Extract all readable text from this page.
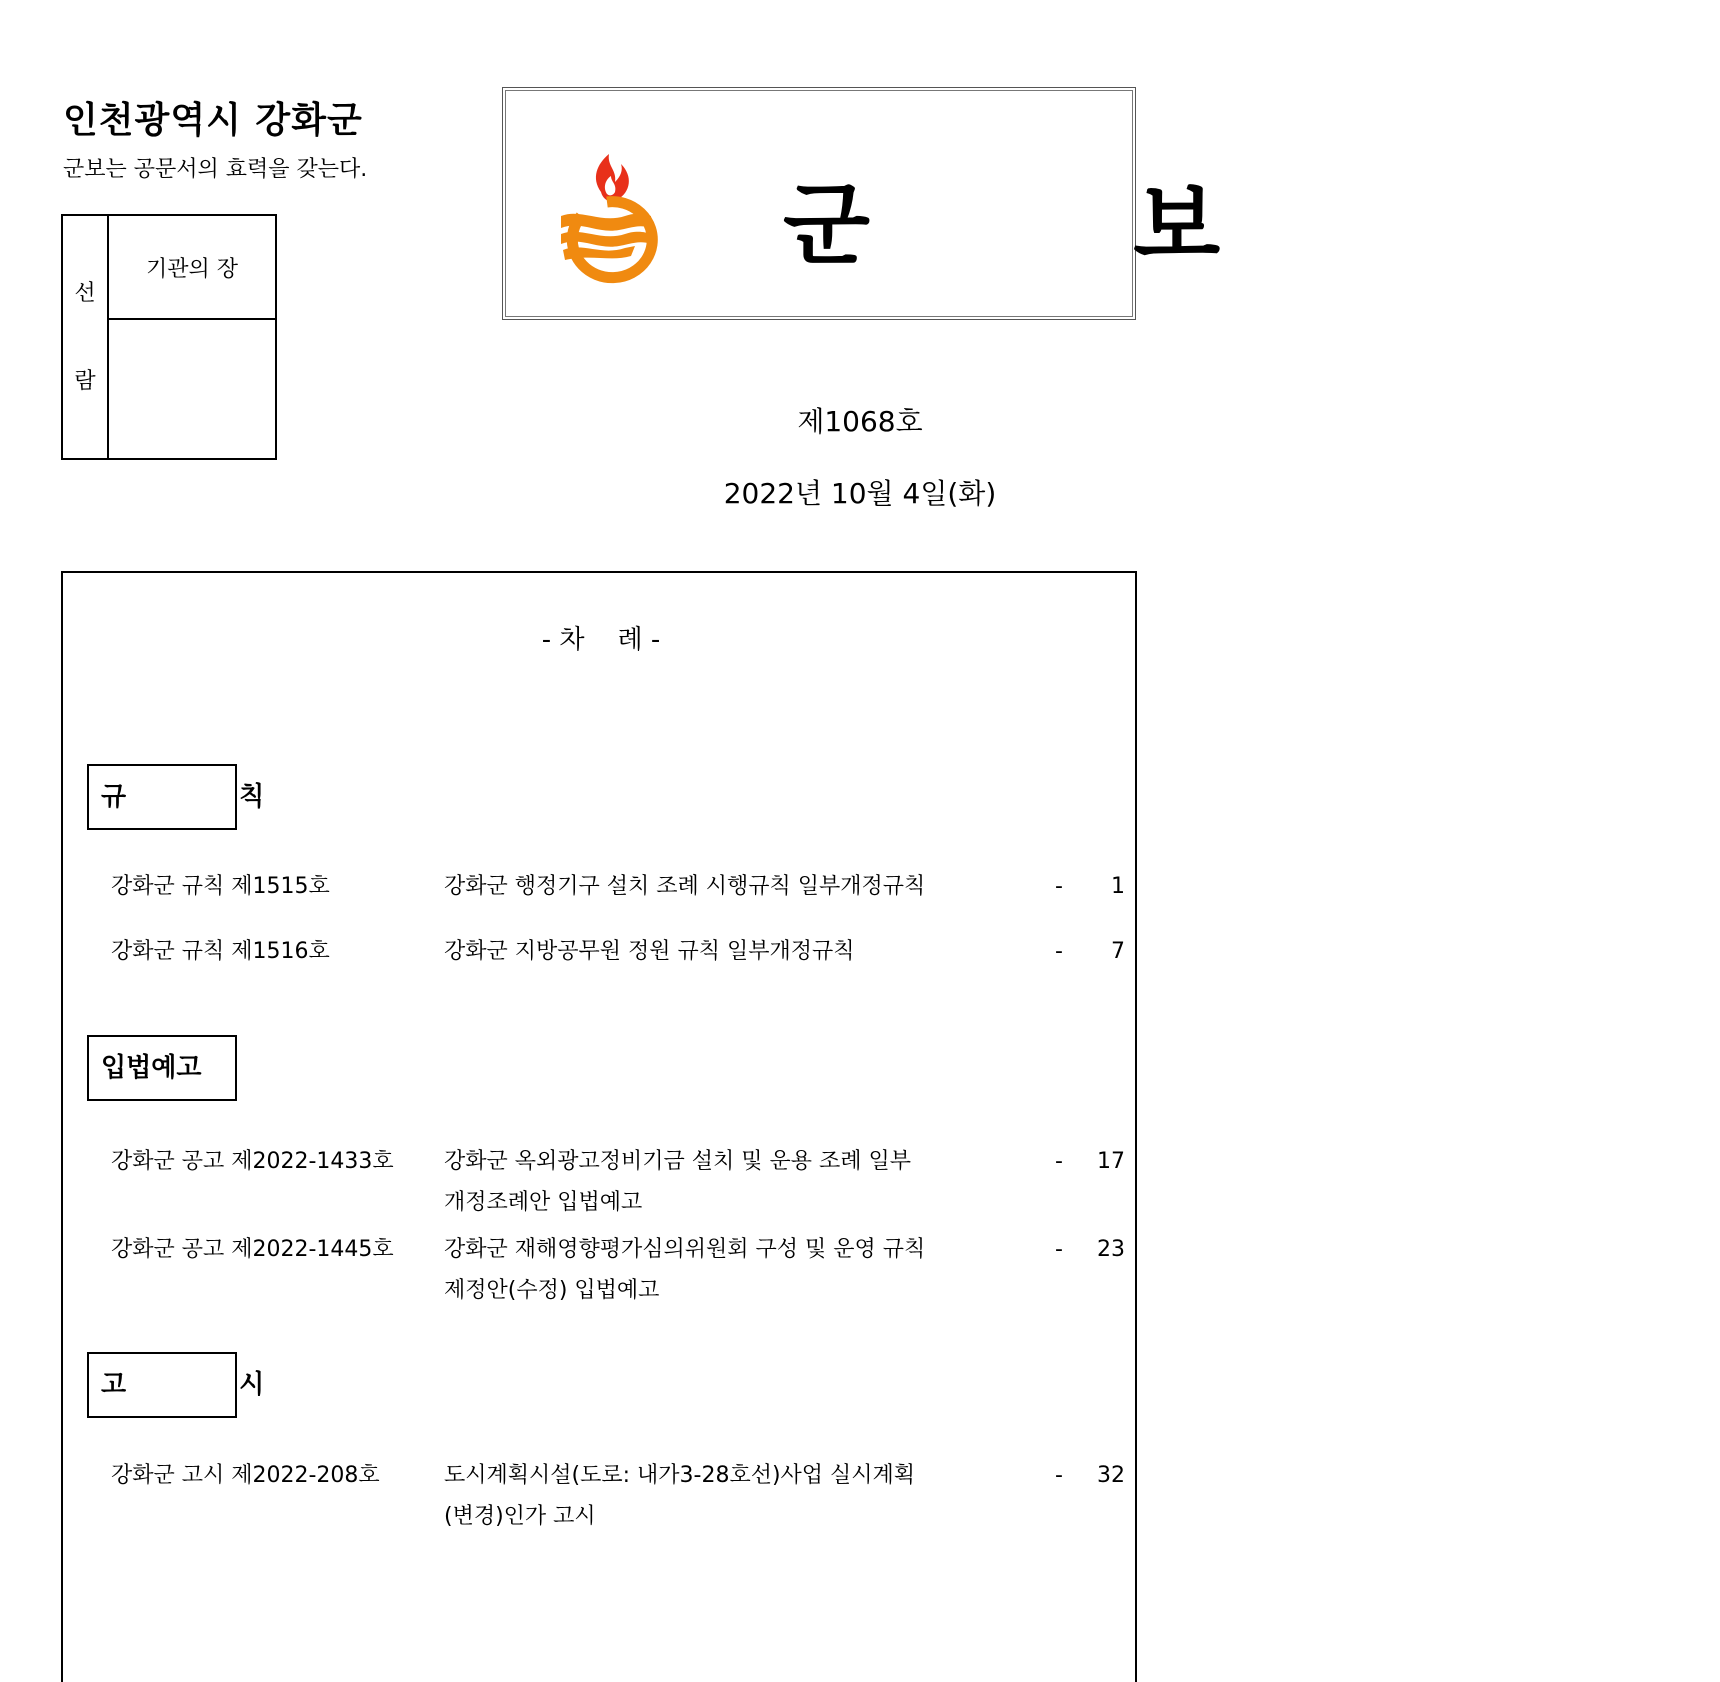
인천광역시 강화군
군보는 공문서의 효력을 갖는다.
선
람
기관의 장	군 보
제1068호
2022년 10월 4일(화)
- 차    례 -
규 칙
강화군 규칙 제1515호	강화군 행정기구 설치 조례 시행규칙 일부개정규칙	- 1
강화군 규칙 제1516호	강화군 지방공무원 정원 규칙 일부개정규칙	- 7
입법예고
강화군 공고 제2022-1433호 강화군 옥외광고정비기금 설치 및 운용 조례 일부
개정조례안 입법예고
- 17
강화군 공고 제2022-1445호 강화군 재해영향평가심의위원회 구성 및 운영 규칙
제정안(수정) 입법예고
- 23
고 시
강화군 고시 제2022-208호	도시계획시설(도로: 내가3-28호선)사업 실시계획
(변경)인가 고시
- 32
